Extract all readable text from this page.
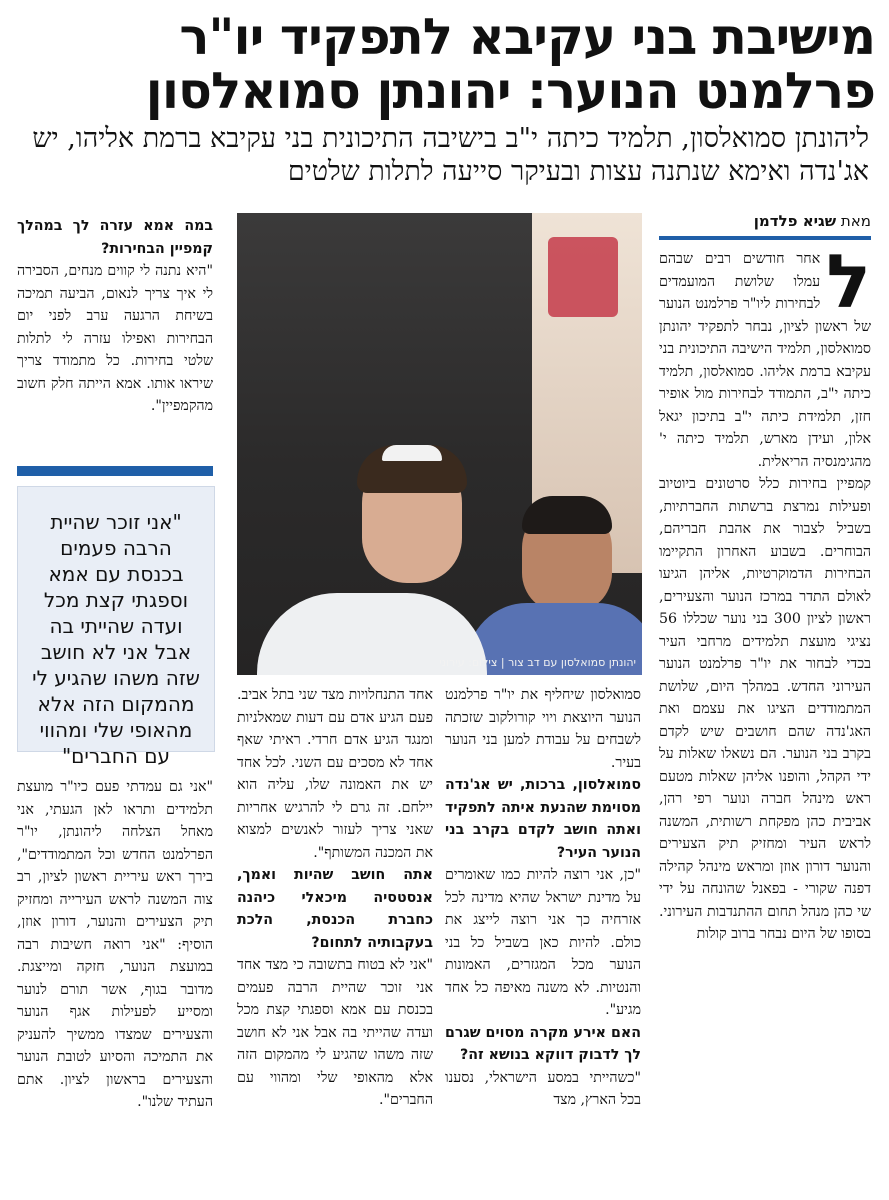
מישיבת בני עקיבא לתפקיד יו"ר פרלמנט הנוער: יהונתן סמואלסון
ליהונתן סמואלסון, תלמיד כיתה י"ב בישיבה התיכונית בני עקיבא ברמת אליהו, יש אג'נדה ואימא שנתנה עצות ובעיקר סייעה לתלות שלטים
מאת שגיא פלדמן
ל

אחר חודשים רבים שבהם עמלו שלושת המועמדים לבחירות ליו"ר פרלמנט הנוער של ראשון לציון, נבחר לתפקיד יהונתן סמואלסון, תלמיד הישיבה התיכונית בני עקיבא ברמת אליהו. סמואלסון, תלמיד כיתה י"ב, התמודד לבחירות מול אופיר חזן, תלמידת כיתה י"ב בתיכון יגאל אלון, ועידן מארש, תלמיד כיתה י' מהגימנסיה הריאלית.

קמפיין בחירות כלל סרטונים ביוטיוב ופעילות נמרצת ברשתות החברתיות, בשביל לצבור את אהבת חבריהם, הבוחרים. בשבוע האחרון התקיימו הבחירות הדמוקרטיות, אליהן הגיעו לאולם התדר במרכז הנוער והצעירים, ראשון לציון 300 בני נוער שכללו 56 נציגי מועצת תלמידים מרחבי העיר בכדי לבחור את יו"ר פרלמנט הנוער העירוני החדש. במהלך היום, שלושת המתמודדים הציגו את עצמם ואת האג'נדה שהם חושבים שיש לקדם בקרב בני הנוער. הם נשאלו שאלות על ידי הקהל, והופנו אליהן שאלות מטעם ראש מינהל חברה ונוער רפי רהן, אביבית כהן מפקחת רשותית, המשנה לראש העיר ומחזיק תיק הצעירים והנוער דורון אוזן ומראש מינהל קהילה דפנה שקורי - בפאנל שהונחה על ידי שי כהן מנהל תחום ההתנדבות העירוני. בסופו של היום נבחר ברוב קולות

יהונתן סמואלסון עם דב צור | צילום: עירוני

סמואלסון שיחליף את יו"ר פרלמנט הנוער היוצאת ויוי קורולקוב שזכתה לשבחים על עבודת למען בני הנוער בעיר.

סמואלסון, ברכות, יש אג'נדה מסוימת שהנעת איתה לתפקיד ואתה חושב לקדם בקרב בני הנוער העיר?

"כן, אני רוצה להיות כמו שאומרים על מדינת ישראל שהיא מדינה לכל אזרחיה כך אני רוצה לייצג את כולם. להיות כאן בשביל כל בני הנוער מכל המגזרים, האמונות והנטיות. לא משנה מאיפה כל אחד מגיע".

האם אירע מקרה מסוים שגרם לך לדבוק דווקא בנושא זה?

"כשהייתי במסע הישראלי, נסענו בכל הארץ, מצד

אחד התנחלויות מצד שני בתל אביב. פעם הגיע אדם עם דעות שמאלניות ומנגד הגיע אדם חרדי. ראיתי שאף אחד לא מסכים עם השני. לכל אחד יש את האמונה שלו, עליה הוא יילחם. זה גרם לי להרגיש אחריות שאני צריך לעזור לאנשים למצוא את המכנה המשותף".

אתה חושב שהיות ואמך, אנסטסיה מיכאלי כיהנה כחברת הכנסת, הלכת בעקבותיה לתחום?

"אני לא בטוח בתשובה כי מצד אחד אני זוכר שהיית הרבה פעמים בכנסת עם אמא וספגתי קצת מכל ועדה שהייתי בה אבל אני לא חושב שזה משהו שהגיע לי מהמקום הזה אלא מהאופי שלי ומהווי עם החברים".

במה אמא עזרה לך במהלך קמפיין הבחירות?

"היא נתנה לי קווים מנחים, הסבירה לי איך צריך לנאום, הביעה תמיכה בשיחת הרגעה ערב לפני יום הבחירות ואפילו עזרה לי לתלות שלטי בחירות. כל מתמודד צריך שיראו אותו. אמא הייתה חלק חשוב מהקמפיין".

"אני זוכר שהיית הרבה פעמים בכנסת עם אמא וספגתי קצת מכל ועדה שהייתי בה אבל אני לא חושב שזה משהו שהגיע לי מהמקום הזה אלא מהאופי שלי ומהווי עם החברים"

"אני גם עמדתי פעם כיו"ר מועצת תלמידים ותראו לאן הגעתי, אני מאחל הצלחה ליהונתן, יו"ר הפרלמנט החדש וכל המתמודדים", בירך ראש עיריית ראשון לציון, רב צוה המשנה לראש העירייה ומחזיק תיק הצעירים והנוער, דורון אוזן, הוסיף: "אני רואה חשיבות רבה במועצת הנוער, חזקה ומייצגת. מדובר בגוף, אשר תורם לנוער ומסייע לפעילות אגף הנוער והצעירים שמצדו ממשיך להעניק את התמיכה והסיוע לטובת הנוער והצעירים בראשון לציון. אתם העתיד שלנו".
